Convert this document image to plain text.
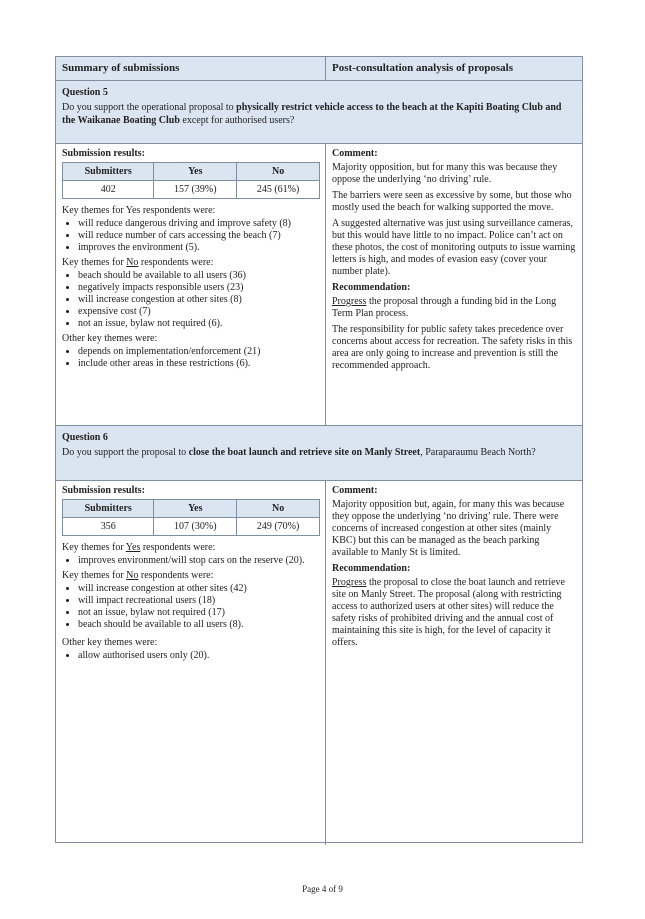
Summary of submissions	Post-consultation analysis of proposals
Question 5
Do you support the operational proposal to physically restrict vehicle access to the beach at the Kapiti Boating Club and the Waikanae Boating Club except for authorised users?
Submission results:
Submitters	Yes	No
402	157 (39%)	245 (61%)
Key themes for Yes respondents were:
• will reduce dangerous driving and improve safety (8)
• will reduce number of cars accessing the beach (7)
• improves the environment (5).
Key themes for No respondents were:
• beach should be available to all users (36)
• negatively impacts responsible users (23)
• will increase congestion at other sites (8)
• expensive cost (7)
• not an issue, bylaw not required (6).
Other key themes were:
• depends on implementation/enforcement (21)
• include other areas in these restrictions (6).
Comment:

Majority opposition, but for many this was because they oppose the underlying ‘no driving’ rule.

The barriers were seen as excessive by some, but those who mostly used the beach for walking supported the move.

A suggested alternative was just using surveillance cameras, but this would have little to no impact. Police can’t act on these photos, the cost of monitoring outputs to issue warning letters is high, and modes of evasion easy (cover your number plate).

Recommendation:

Progress the proposal through a funding bid in the Long Term Plan process.

The responsibility for public safety takes precedence over concerns about access for recreation. The safety risks in this area are only going to increase and prevention is still the recommended approach.

Question 6
Do you support the proposal to close the boat launch and retrieve site on Manly Street, Paraparaumu Beach North?
Submission results:
Submitters	Yes	No
356	107 (30%)	249 (70%)
Key themes for Yes respondents were:
• improves environment/will stop cars on the reserve (20).
Key themes for No respondents were:
• will increase congestion at other sites (42)
• will impact recreational users (18)
• not an issue, bylaw not required (17)
• beach should be available to all users (8).
Other key themes were:
• allow authorised users only (20).
Comment:

Majority opposition but, again, for many this was because they oppose the underlying ‘no driving’ rule. There were concerns of increased congestion at other sites (mainly KBC) but this can be managed as the beach parking available to Manly St is limited.

Recommendation:

Progress the proposal to close the boat launch and retrieve site on Manly Street. The proposal (along with restricting access to authorized users at other sites) will reduce the safety risks of prohibited driving and the annual cost of maintaining this site is high, for the level of capacity it offers.

Page 4 of 9
